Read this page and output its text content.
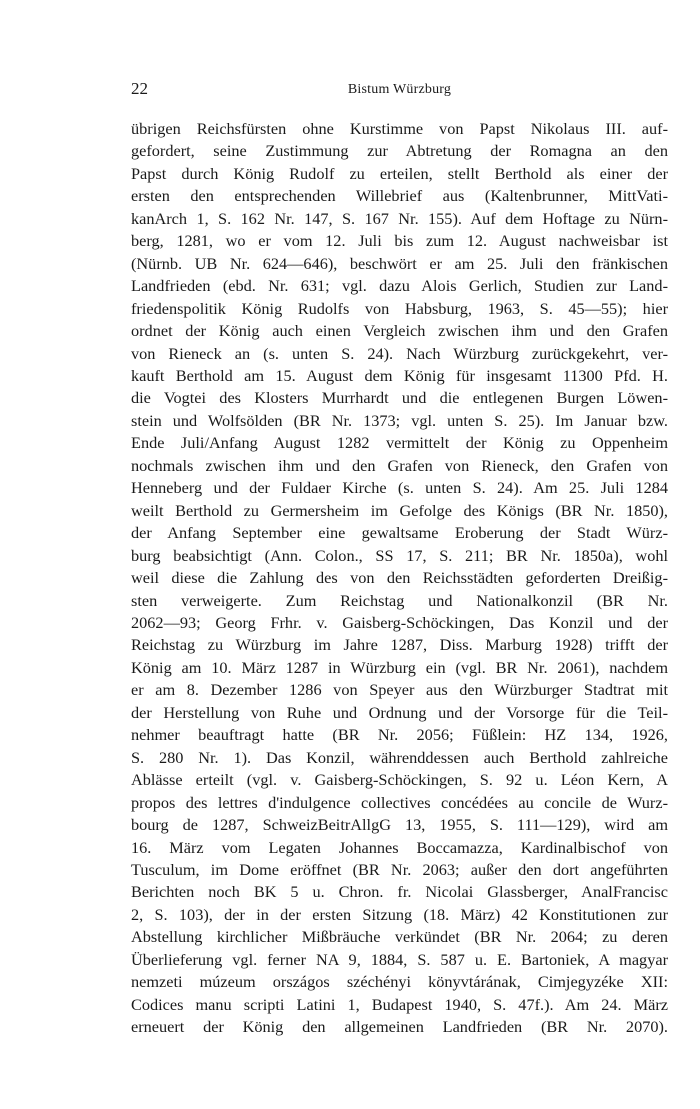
22	Bistum Würzburg
übrigen Reichsfürsten ohne Kurstimme von Papst Nikolaus III. auf-
gefordert, seine Zustimmung zur Abtretung der Romagna an den
Papst durch König Rudolf zu erteilen, stellt Berthold als einer der
ersten den entsprechenden Willebrief aus (Kaltenbrunner, MittVati-
kanArch 1, S. 162 Nr. 147, S. 167 Nr. 155). Auf dem Hoftage zu Nürn-
berg, 1281, wo er vom 12. Juli bis zum 12. August nachweisbar ist
(Nürnb. UB Nr. 624—646), beschwört er am 25. Juli den fränkischen
Landfrieden (ebd. Nr. 631; vgl. dazu Alois Gerlich, Studien zur Land-
friedenspolitik König Rudolfs von Habsburg, 1963, S. 45—55); hier
ordnet der König auch einen Vergleich zwischen ihm und den Grafen
von Rieneck an (s. unten S. 24). Nach Würzburg zurückgekehrt, ver-
kauft Berthold am 15. August dem König für insgesamt 11300 Pfd. H.
die Vogtei des Klosters Murrhardt und die entlegenen Burgen Löwen-
stein und Wolfsölden (BR Nr. 1373; vgl. unten S. 25). Im Januar bzw.
Ende Juli/Anfang August 1282 vermittelt der König zu Oppenheim
nochmals zwischen ihm und den Grafen von Rieneck, den Grafen von
Henneberg und der Fuldaer Kirche (s. unten S. 24). Am 25. Juli 1284
weilt Berthold zu Germersheim im Gefolge des Königs (BR Nr. 1850),
der Anfang September eine gewaltsame Eroberung der Stadt Würz-
burg beabsichtigt (Ann. Colon., SS 17, S. 211; BR Nr. 1850a), wohl
weil diese die Zahlung des von den Reichsstädten geforderten Dreißig-
sten verweigerte. Zum Reichstag und Nationalkonzil (BR Nr.
2062—93; Georg Frhr. v. Gaisberg-Schöckingen, Das Konzil und der
Reichstag zu Würzburg im Jahre 1287, Diss. Marburg 1928) trifft der
König am 10. März 1287 in Würzburg ein (vgl. BR Nr. 2061), nachdem
er am 8. Dezember 1286 von Speyer aus den Würzburger Stadtrat mit
der Herstellung von Ruhe und Ordnung und der Vorsorge für die Teil-
nehmer beauftragt hatte (BR Nr. 2056; Füßlein: HZ 134, 1926,
S. 280 Nr. 1). Das Konzil, währenddessen auch Berthold zahlreiche
Ablässe erteilt (vgl. v. Gaisberg-Schöckingen, S. 92 u. Léon Kern, A
propos des lettres d'indulgence collectives concédées au concile de Wurz-
bourg de 1287, SchweizBeitrAllgG 13, 1955, S. 111—129), wird am
16. März vom Legaten Johannes Boccamazza, Kardinalbischof von
Tusculum, im Dome eröffnet (BR Nr. 2063; außer den dort angeführten
Berichten noch BK 5 u. Chron. fr. Nicolai Glassberger, AnalFrancisc
2, S. 103), der in der ersten Sitzung (18. März) 42 Konstitutionen zur
Abstellung kirchlicher Mißbräuche verkündet (BR Nr. 2064; zu deren
Überlieferung vgl. ferner NA 9, 1884, S. 587 u. E. Bartoniek, A magyar
nemzeti múzeum országos széchényi könyvtárának, Cimjegyzéke XII:
Codices manu scripti Latini 1, Budapest 1940, S. 47f.). Am 24. März
erneuert der König den allgemeinen Landfrieden (BR Nr. 2070).
